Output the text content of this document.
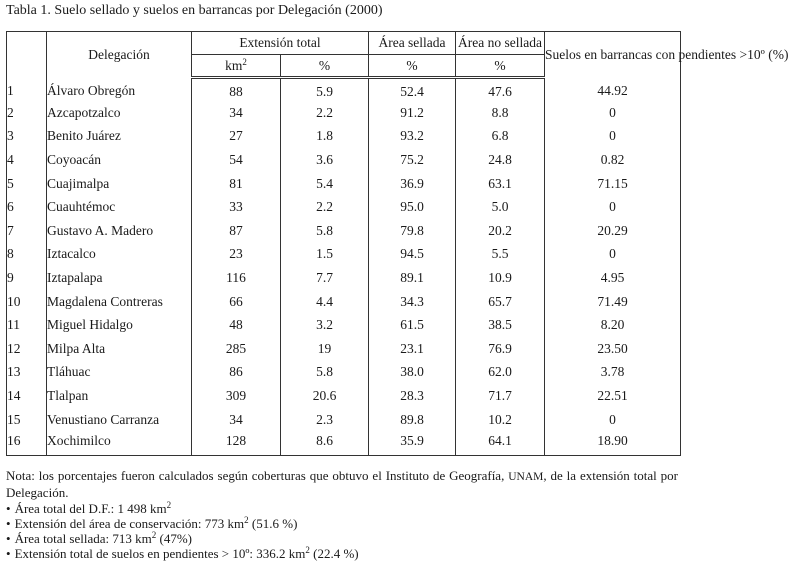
Tabla 1. Suelo sellado y suelos en barrancas por Delegación (2000)
	Delegación	Extensión total		Área sellada	Área no sellada	Suelos en barrancas con pendientes >10º (%)
		$km^2$	%	%	%	
1	Álvaro Obregón	88	5.9	52.4	47.6	44.92
2	Azcapotzalco	34	2.2	91.2	8.8	0
3	Benito Juárez	27	1.8	93.2	6.8	0
4	Coyoacán	54	3.6	75.2	24.8	0.82
5	Cuajimalpa	81	5.4	36.9	63.1	71.15
6	Cuauhtémoc	33	2.2	95.0	5.0	0
7	Gustavo A. Madero	87	5.8	79.8	20.2	20.29
8	Iztacalco	23	1.5	94.5	5.5	0
9	Iztapalapa	116	7.7	89.1	10.9	4.95
10	Magdalena Contreras	66	4.4	34.3	65.7	71.49
11	Miguel Hidalgo	48	3.2	61.5	38.5	8.20
12	Milpa Alta	285	19	23.1	76.9	23.50
13	Tláhuac	86	5.8	38.0	62.0	3.78
14	Tlalpan	309	20.6	28.3	71.7	22.51
15	Venustiano Carranza	34	2.3	89.8	10.2	0
16	Xochimilco	128	8.6	35.9	64.1	18.90
Nota: los porcentajes fueron calculados según coberturas que obtuvo el Instituto de Geografía, UNAM, de la extensión total por Delegación.
• Área total del D.F.: 1 498 $km^2$
• Extensión del área de conservación: 773 $km^2$ (51.6 %)
• Área total sellada: 713 $km^2$ (47%)
• Extensión total de suelos en pendientes > 10º: 336.2 $km^2$ (22.4 %)
